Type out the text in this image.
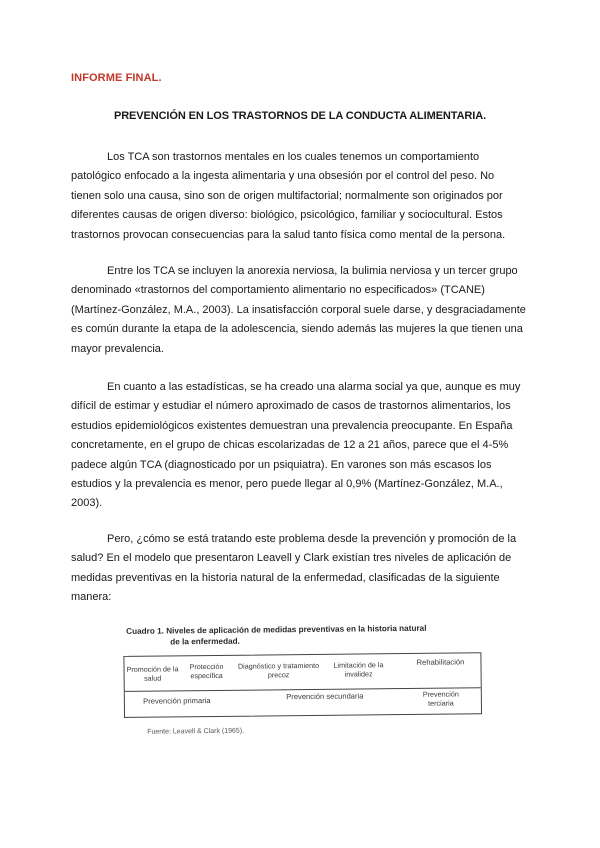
INFORME FINAL.
PREVENCIÓN EN LOS TRASTORNOS DE LA CONDUCTA ALIMENTARIA.

Los TCA son trastornos mentales en los cuales tenemos un comportamiento patológico enfocado a la ingesta alimentaria y una obsesión por el control del peso. No tienen solo una causa, sino son de origen multifactorial; normalmente son originados por diferentes causas de origen diverso: biológico, psicológico, familiar y sociocultural. Estos trastornos provocan consecuencias para la salud tanto física como mental de la persona.

Entre los TCA se incluyen la anorexia nerviosa, la bulimia nerviosa y un tercer grupo denominado «trastornos del comportamiento alimentario no especificados» (TCANE) (Martínez-González, M.A., 2003). La insatisfacción corporal suele darse, y desgraciadamente es común durante la etapa de la adolescencia, siendo además las mujeres la que tienen una mayor prevalencia.

En cuanto a las estadísticas, se ha creado una alarma social ya que, aunque es muy difícil de estimar y estudiar el número aproximado de casos de trastornos alimentarios, los estudios epidemiológicos existentes demuestran una prevalencia preocupante. En España concretamente, en el grupo de chicas escolarizadas de 12 a 21 años, parece que el 4-5% padece algún TCA (diagnosticado por un psiquiatra). En varones son más escasos los estudios y la prevalencia es menor, pero puede llegar al 0,9% (Martínez-González, M.A., 2003).

Pero, ¿cómo se está tratando este problema desde la prevención y promoción de la salud? En el modelo que presentaron Leavell y Clark existían tres niveles de aplicación de medidas preventivas en la historia natural de la enfermedad, clasificadas de la siguiente manera:

Cuadro 1. Niveles de aplicación de medidas preventivas en la historia natural
de la enfermedad.
Promoción de la salud
Protección específica
Diagnóstico y tratamiento precoz
Limitación de la invalidez
Rehabilitación
Prevención primaria	Prevención secundaria	Prevención terciaria
Fuente: Leavell & Clark (1965).
